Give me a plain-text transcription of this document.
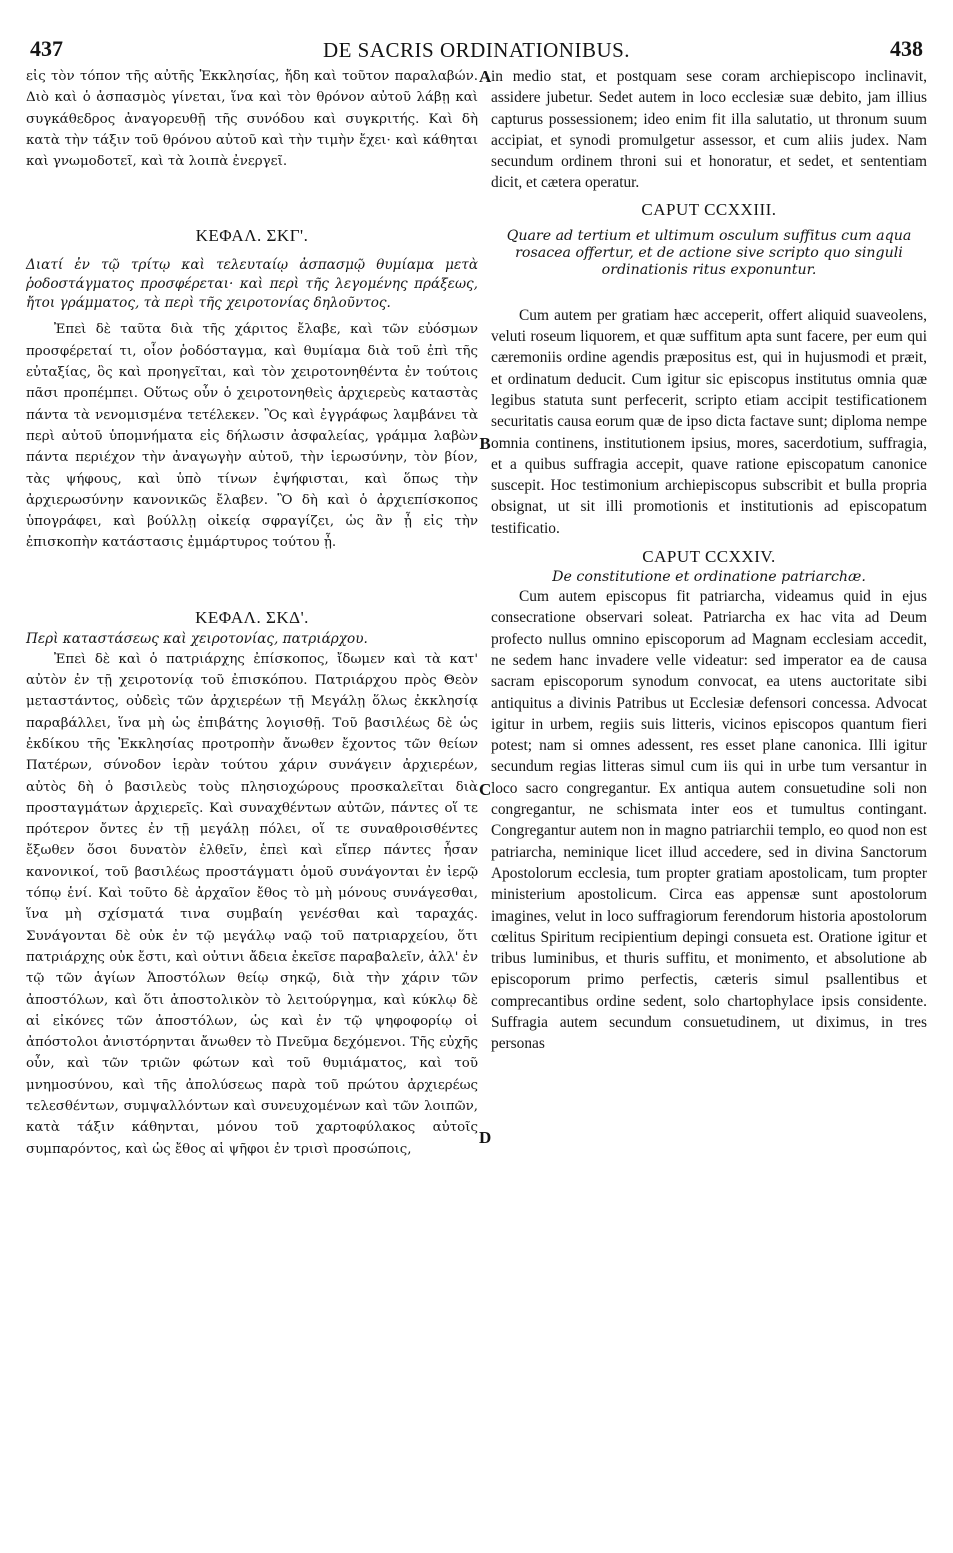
437	DE SACRIS ORDINATIONIBUS.	438

εἰς τὸν τόπον τῆς αὐτῆς Ἐκκλησίας, ἤδη καὶ τοῦτον παραλαβών. Διὸ καὶ ὁ ἀσπασμὸς γίνεται, ἵνα καὶ τὸν θρόνον αὐτοῦ λάβῃ καὶ συγκάθεδρος ἀναγορευθῇ τῆς συνόδου καὶ συγκριτής. Καὶ δὴ κατὰ τὴν τάξιν τοῦ θρόνου αὐτοῦ καὶ τὴν τιμὴν ἔχει· καὶ κάθηται καὶ γνωμοδοτεῖ, καὶ τὰ λοιπὰ ἐνεργεῖ.

ΚΕΦΑΛ. ΣΚΓ'.

Διατί ἐν τῷ τρίτῳ καὶ τελευταίῳ ἀσπασμῷ θυμίαμα μετὰ ῥοδοστάγματος προσφέρεται· καὶ περὶ τῆς λεγομένης πράξεως, ἤτοι γράμματος, τὰ περὶ τῆς χειροτονίας δηλοῦντος.

Ἐπεὶ δὲ ταῦτα διὰ τῆς χάριτος ἔλαβε, καὶ τῶν εὐόσμων προσφέρεταί τι, οἷον ῥοδόσταγμα, καὶ θυμίαμα διὰ τοῦ ἐπὶ τῆς εὐταξίας, ὃς καὶ προηγεῖται, καὶ τὸν χειροτονηθέντα ἐν τούτοις πᾶσι προπέμπει. Οὕτως οὖν ὁ χειροτονηθεὶς ἀρχιερεὺς καταστὰς πάντα τὰ νενομισμένα τετέλεκεν. Ὃς καὶ ἐγγράφως λαμβάνει τὰ περὶ αὐτοῦ ὑπομνήματα εἰς δήλωσιν ἀσφαλείας, γράμμα λαβὼν πάντα περιέχον τὴν ἀναγωγὴν αὐτοῦ, τὴν ἱερωσύνην, τὸν βίον, τὰς ψήφους, καὶ ὑπὸ τίνων ἐψήφισται, καὶ ὅπως τὴν ἀρχιερωσύνην κανονικῶς ἔλαβεν. Ὃ δὴ καὶ ὁ ἀρχιεπίσκοπος ὑπογράφει, καὶ βούλλῃ οἰκείᾳ σφραγίζει, ὡς ἂν ᾖ εἰς τὴν ἐπισκοπὴν κατάστασις ἐμμάρτυρος τούτου ᾖ.

ΚΕΦΑΛ. ΣΚΔ'.

Περὶ καταστάσεως καὶ χειροτονίας, πατριάρχου.

Ἐπεὶ δὲ καὶ ὁ πατριάρχης ἐπίσκοπος, ἴδωμεν καὶ τὰ κατ' αὐτὸν ἐν τῇ χειροτονίᾳ τοῦ ἐπισκόπου. Πατριάρχου πρὸς Θεὸν μεταστάντος, οὐδεὶς τῶν ἀρχιερέων τῇ Μεγάλῃ ὅλως ἐκκλησίᾳ παραβάλλει, ἵνα μὴ ὡς ἐπιβάτης λογισθῇ. Τοῦ βασιλέως δὲ ὡς ἐκδίκου τῆς Ἐκκλησίας προτροπὴν ἄνωθεν ἔχοντος τῶν θείων Πατέρων, σύνοδον ἱερὰν τούτου χάριν συνάγειν ἀρχιερέων, αὐτὸς δὴ ὁ βασιλεὺς τοὺς πλησιοχώρους προσκαλεῖται διὰ προσταγμάτων ἀρχιερεῖς. Καὶ συναχθέντων αὐτῶν, πάντες οἵ τε πρότερον ὄντες ἐν τῇ μεγάλῃ πόλει, οἵ τε συναθροισθέντες ἔξωθεν ὅσοι δυνατὸν ἐλθεῖν, ἐπεὶ καὶ εἴπερ πάντες ἦσαν κανονικοί, τοῦ βασιλέως προστάγματι ὁμοῦ συνάγονται ἐν ἱερῷ τόπῳ ἑνί. Καὶ τοῦτο δὲ ἀρχαῖον ἔθος τὸ μὴ μόνους συνάγεσθαι, ἵνα μὴ σχίσματά τινα συμβαίη γενέσθαι καὶ ταραχάς. Συνάγονται δὲ οὐκ ἐν τῷ μεγάλῳ ναῷ τοῦ πατριαρχείου, ὅτι πατριάρχης οὐκ ἔστι, καὶ οὐτινι ἄδεια ἐκεῖσε παραβαλεῖν, ἀλλ' ἐν τῷ τῶν ἁγίων Ἀποστόλων θείῳ σηκῷ, διὰ τὴν χάριν τῶν ἀποστόλων, καὶ ὅτι ἀποστολικὸν τὸ λειτούργημα, καὶ κύκλῳ δὲ αἱ εἰκόνες τῶν ἀποστόλων, ὡς καὶ ἐν τῷ ψηφοφορίῳ οἱ ἀπόστολοι ἀνιστόρηνται ἄνωθεν τὸ Πνεῦμα δεχόμενοι. Τῆς εὐχῆς οὖν, καὶ τῶν τριῶν φώτων καὶ τοῦ θυμιάματος, καὶ τοῦ μνημοσύνου, καὶ τῆς ἀπολύσεως παρὰ τοῦ πρώτου ἀρχιερέως τελεσθέντων, συμψαλλόντων καὶ συνευχομένων καὶ τῶν λοιπῶν, κατὰ τάξιν κάθηνται, μόνου τοῦ χαρτοφύλακος αὐτοῖς συμπαρόντος, καὶ ὡς ἔθος αἱ ψῆφοι ἐν τρισὶ προσώποις,

A
B
C
D

in medio stat, et postquam sese coram archiepiscopo inclinavit, assidere jubetur. Sedet autem in loco ecclesiæ suæ debito, jam illius capturus possessionem; ideo enim fit illa salutatio, ut thronum suum accipiat, et synodi promulgetur assessor, et cum aliis judex. Nam secundum ordinem throni sui et honoratur, et sedet, et sententiam dicit, et cætera operatur.

CAPUT CCXXIII.

Quare ad tertium et ultimum osculum suffitus cum aqua rosacea offertur, et de actione sive scripto quo singuli ordinationis ritus exponuntur.

Cum autem per gratiam hæc acceperit, offert aliquid suaveolens, veluti roseum liquorem, et quæ suffitum apta sunt facere, per eum qui cæremoniis ordine agendis præpositus est, qui in hujusmodi et præit, et ordinatum deducit. Cum igitur sic episcopus institutus omnia quæ legibus statuta sunt perfecerit, scripto etiam accipit testificationem securitatis causa eorum quæ de ipso dicta factave sunt; diploma nempe omnia continens, institutionem ipsius, mores, sacerdotium, suffragia, et a quibus suffragia accepit, quave ratione episcopatum canonice suscepit. Hoc testimonium archiepiscopus subscribit et bulla propria obsignat, ut sit illi promotionis et institutionis ad episcopatum testificatio.

CAPUT CCXXIV.

De constitutione et ordinatione patriarchæ.

Cum autem episcopus fit patriarcha, videamus quid in ejus consecratione observari soleat. Patriarcha ex hac vita ad Deum profecto nullus omnino episcoporum ad Magnam ecclesiam accedit, ne sedem hanc invadere velle videatur: sed imperator ea de causa sacram episcoporum synodum convocat, ea utens auctoritate sibi antiquitus a divinis Patribus ut Ecclesiæ defensori concessa. Advocat igitur in urbem, regiis suis litteris, vicinos episcopos quantum fieri potest; nam si omnes adessent, res esset plane canonica. Illi igitur secundum regias litteras simul cum iis qui in urbe tum versantur in loco sacro congregantur. Ex antiqua autem consuetudine soli non congregantur, ne schismata inter eos et tumultus contingant. Congregantur autem non in magno patriarchii templo, eo quod non est patriarcha, neminique licet illud accedere, sed in divina Sanctorum Apostolorum ecclesia, tum propter gratiam apostolicam, tum propter ministerium apostolicum. Circa eas appensæ sunt apostolorum imagines, velut in loco suffragiorum ferendorum historia apostolorum cœlitus Spiritum recipientium depingi consueta est. Oratione igitur et tribus luminibus, et thuris suffitu, et monimento, et absolutione ab episcoporum primo perfectis, cæteris simul psallentibus et comprecantibus ordine sedent, solo chartophylace ipsis considente. Suffragia autem secundum consuetudinem, ut diximus, in tres personas
